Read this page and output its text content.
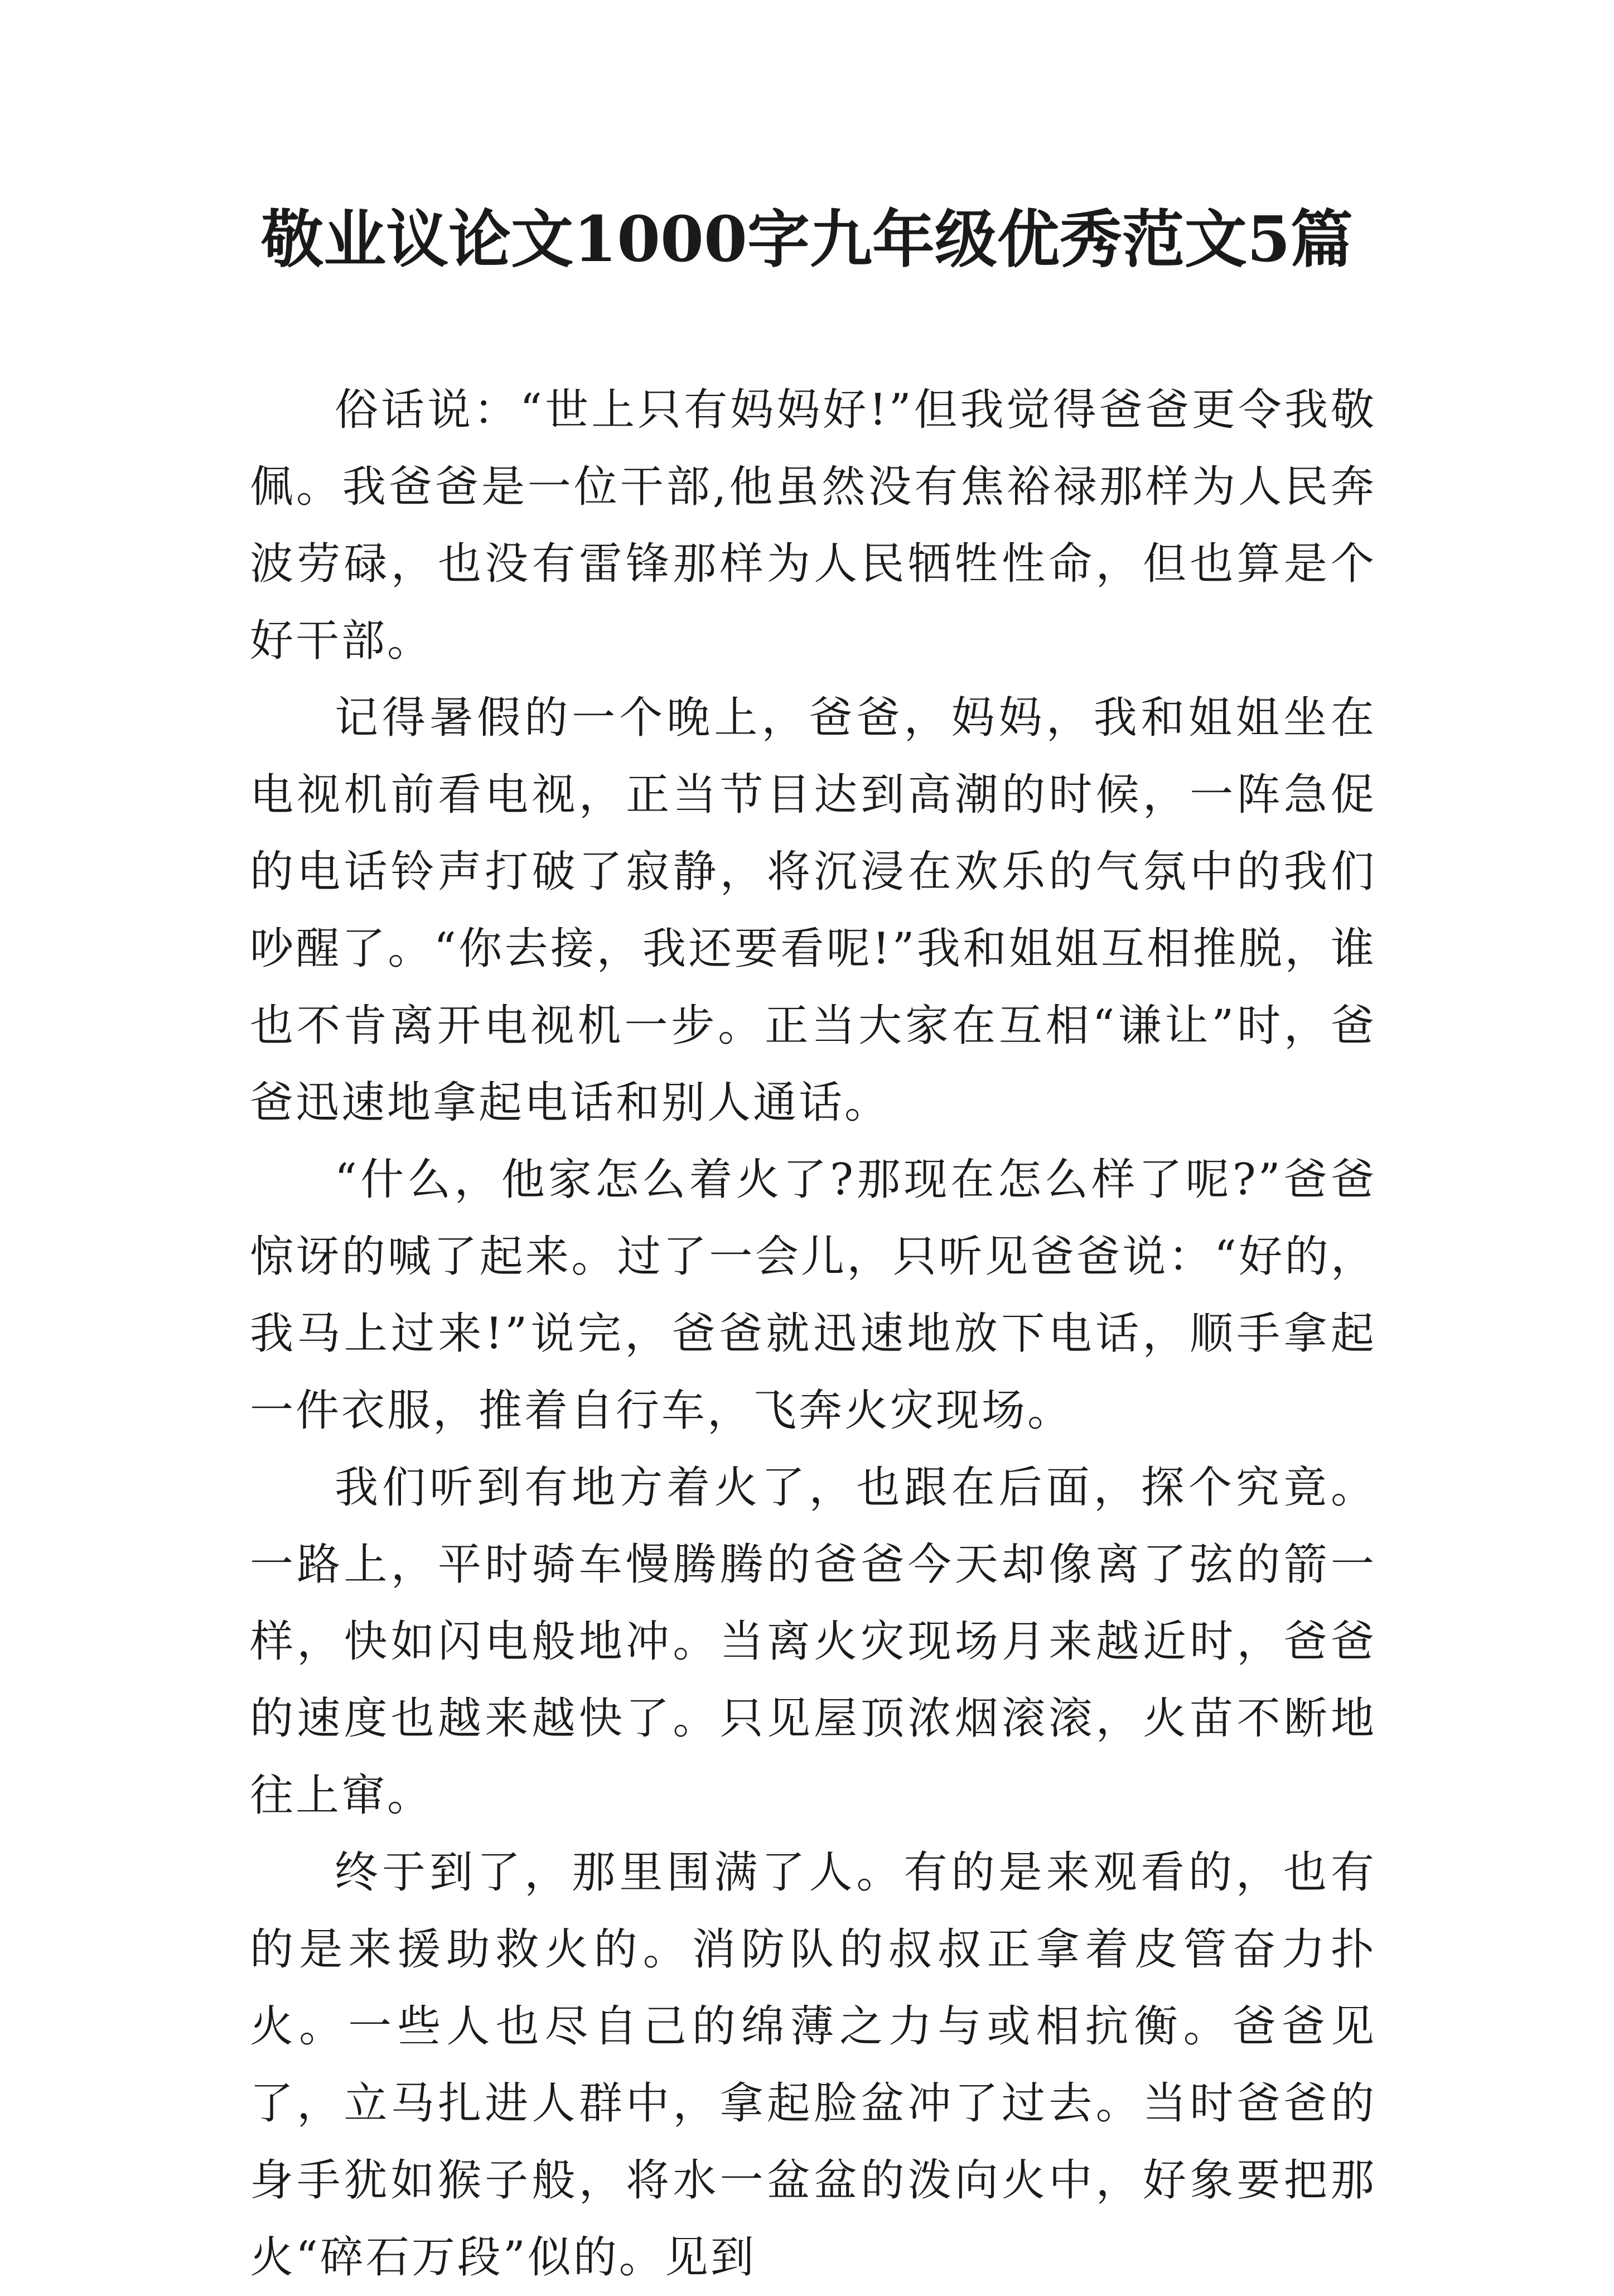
敬业议论文1000字九年级优秀范文5篇

俗话说：“世上只有妈妈好!”但我觉得爸爸更令我敬佩。我爸爸是一位干部,他虽然没有焦裕禄那样为人民奔波劳碌，也没有雷锋那样为人民牺牲性命，但也算是个好干部。

记得暑假的一个晚上，爸爸，妈妈，我和姐姐坐在电视机前看电视，正当节目达到高潮的时候，一阵急促的电话铃声打破了寂静，将沉浸在欢乐的气氛中的我们吵醒了。“你去接，我还要看呢!”我和姐姐互相推脱，谁也不肯离开电视机一步。正当大家在互相“谦让”时，爸爸迅速地拿起电话和别人通话。

“什么，他家怎么着火了?那现在怎么样了呢?”爸爸惊讶的喊了起来。过了一会儿，只听见爸爸说：“好的，我马上过来!”说完，爸爸就迅速地放下电话，顺手拿起一件衣服，推着自行车，飞奔火灾现场。

我们听到有地方着火了，也跟在后面，探个究竟。一路上，平时骑车慢腾腾的爸爸今天却像离了弦的箭一样，快如闪电般地冲。当离火灾现场月来越近时，爸爸的速度也越来越快了。只见屋顶浓烟滚滚，火苗不断地往上窜。

终于到了，那里围满了人。有的是来观看的，也有的是来援助救火的。消防队的叔叔正拿着皮管奋力扑火。一些人也尽自己的绵薄之力与或相抗衡。爸爸见了，立马扎进人群中，拿起脸盆冲了过去。当时爸爸的身手犹如猴子般，将水一盆盆的泼向火中，好象要把那火“碎石万段”似的。见到
